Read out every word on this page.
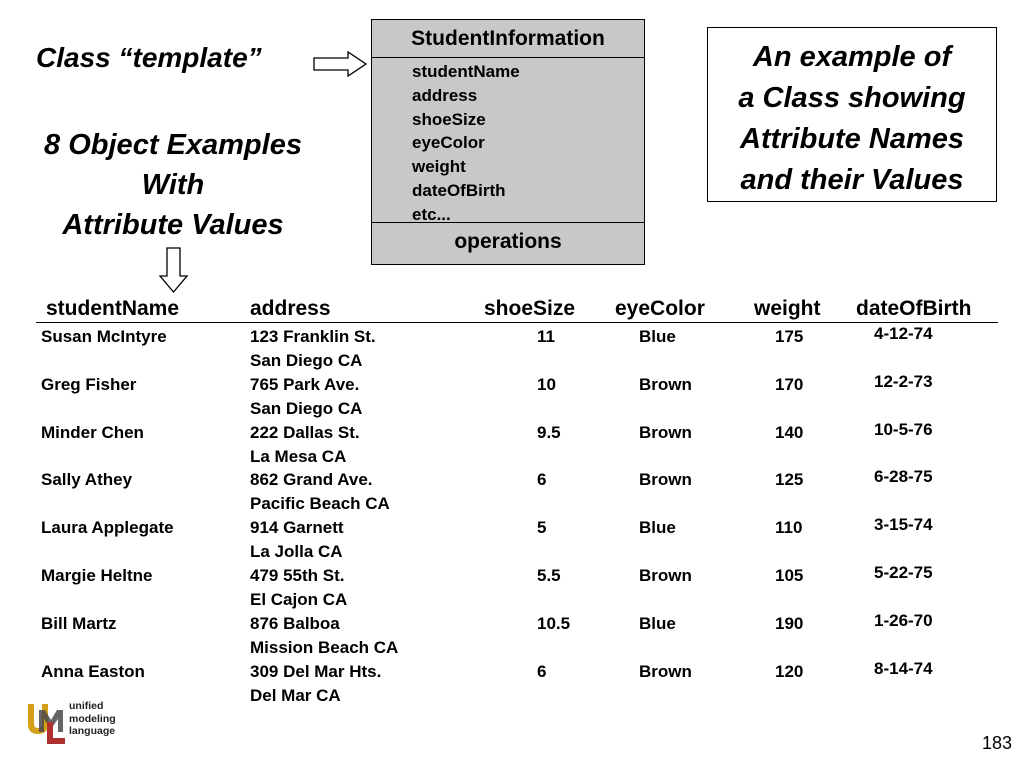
Class “template”
8 Object Examples
With
Attribute Values
StudentInformation
studentName
address
shoeSize
eyeColor
weight
dateOfBirth
etc...
operations
An example of
a Class showing
Attribute Names
and their Values
studentName	address	shoeSize eyeColor weight dateOfBirth
Susan McIntyre	123 Franklin St.
San Diego CA
11	Blue	175	4-12-74
Greg Fisher	765 Park Ave.
San Diego CA
10	Brown	170	12-2-73
Minder Chen	222 Dallas St.
La Mesa CA
9.5	Brown	140	10-5-76
Sally Athey	862 Grand Ave.
Pacific Beach CA
6	Brown	125	6-28-75
Laura Applegate	914 Garnett
La Jolla CA
5	Blue	110	3-15-74
Margie Heltne	479 55th St.
El Cajon CA
5.5	Brown	105	5-22-75
Bill Martz	876 Balboa
Mission Beach CA
10.5	Blue	190	1-26-70
Anna Easton	309 Del Mar Hts.
Del Mar CA
6	Brown	120	8-14-74
unified
modeling
language
183
